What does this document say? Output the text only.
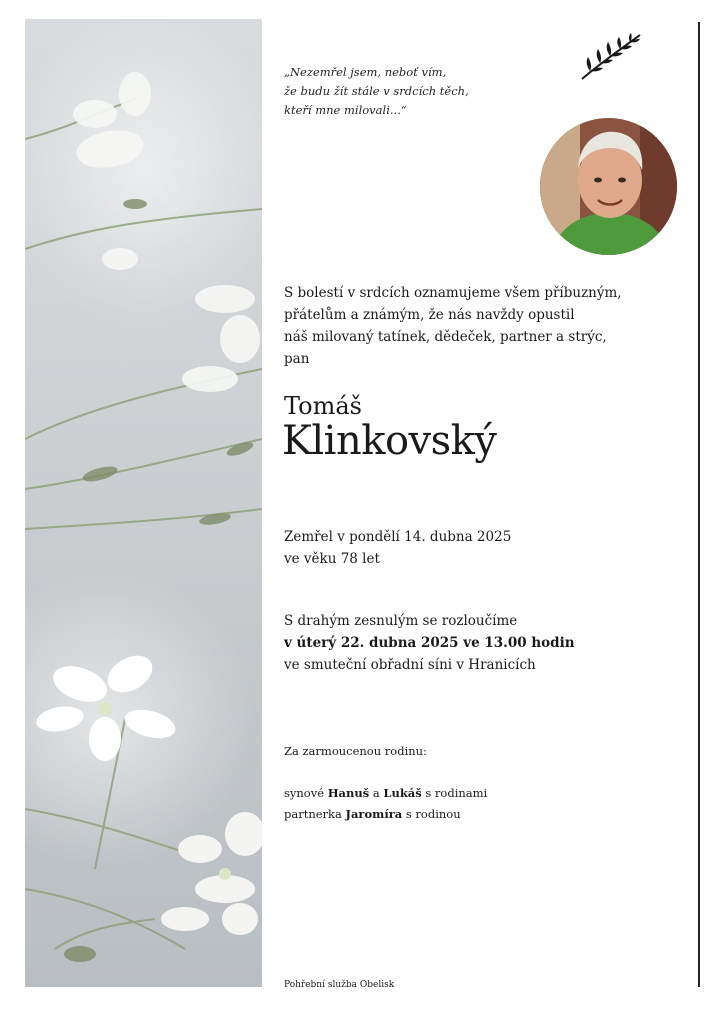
„Nezemřel jsem, neboť vím,
že budu žít stále v srdcích těch,
kteří mne milovali...“
S bolestí v srdcích oznamujeme všem příbuzným,
přátelům a známým, že nás navždy opustil
náš milovaný tatínek, dědeček, partner a strýc,
pan
Tomáš
Klinkovský
Zemřel v pondělí 14. dubna 2025
ve věku 78 let
S drahým zesnulým se rozloučíme
v úterý 22. dubna 2025 ve 13.00 hodin
ve smuteční obřadní síni v Hranicích
Za zarmoucenou rodinu:
synové Hanuš a Lukáš s rodinami
partnerka Jaromíra s rodinou
Pohřební služba Obelisk
